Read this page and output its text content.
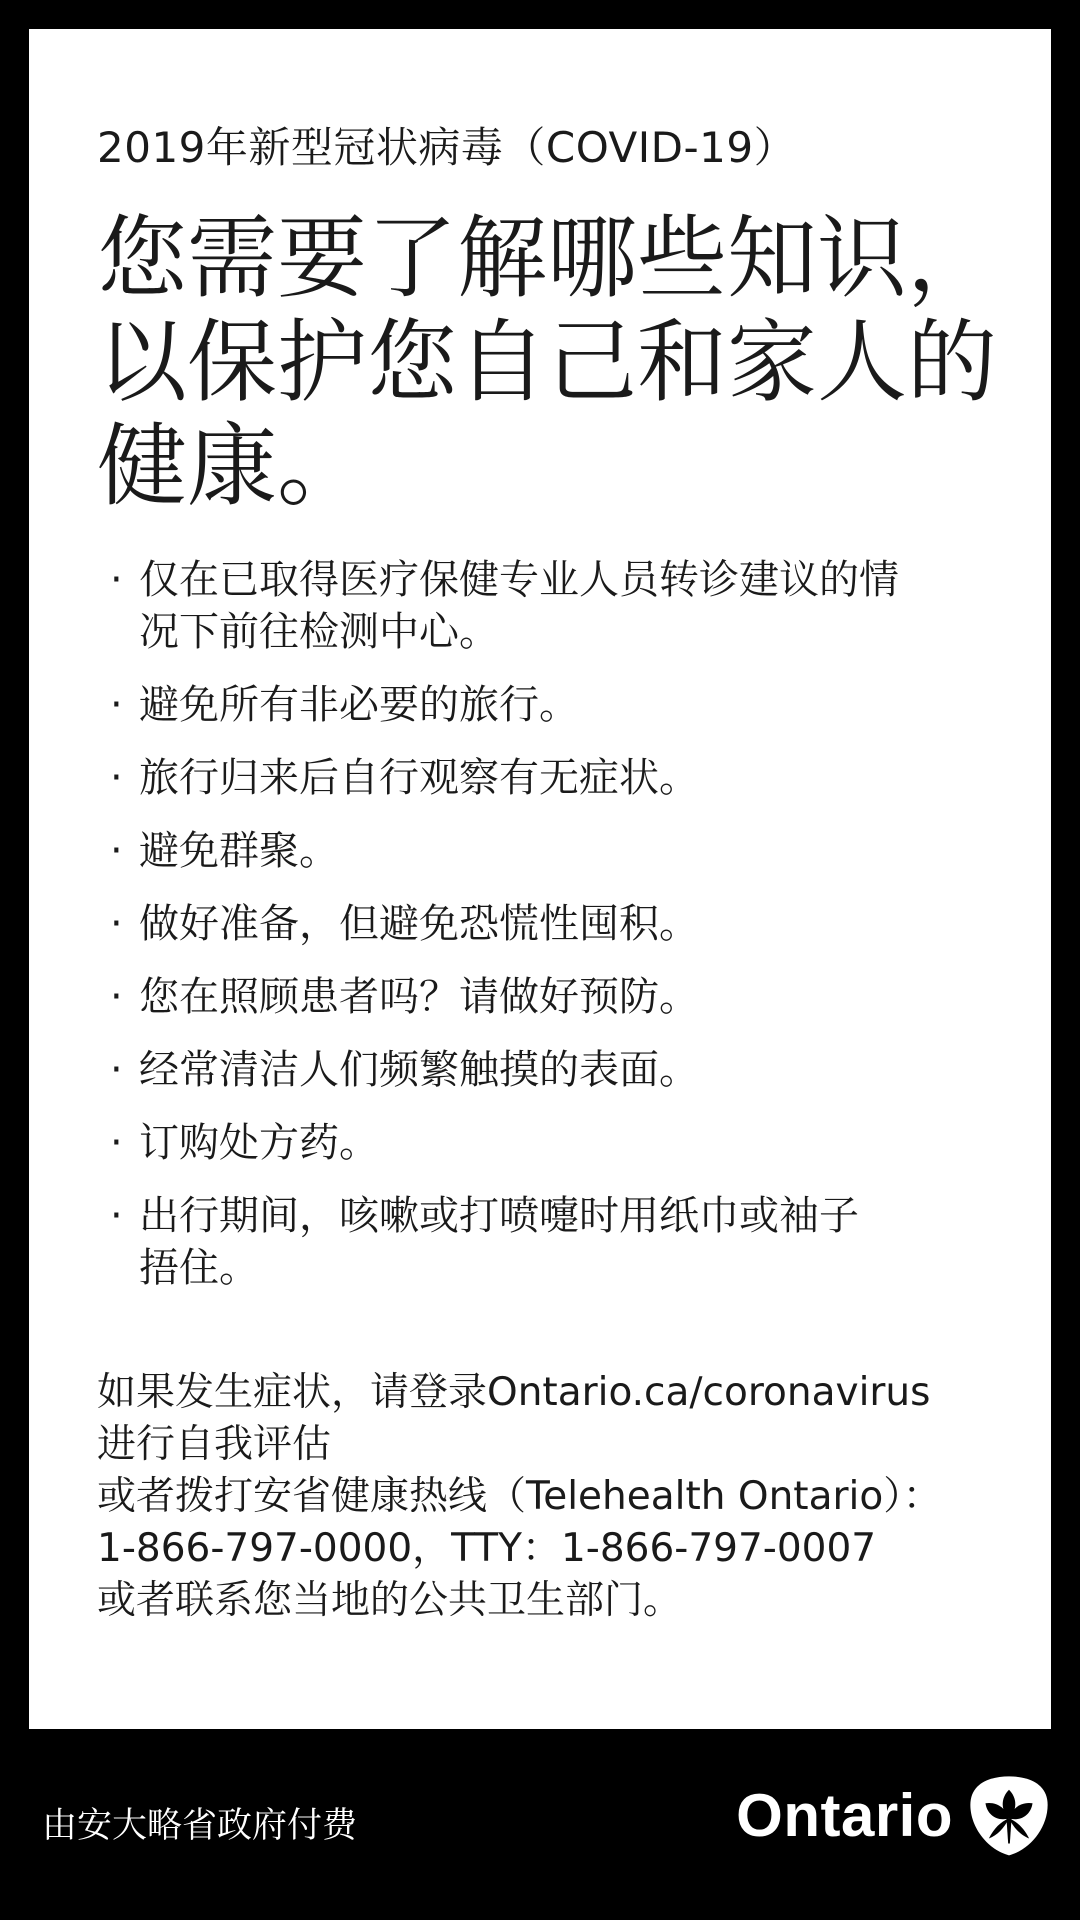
2019年新型冠状病毒（COVID-19）
您需要了解哪些知识，
以保护您自己和家人的
健康。
· 仅在已取得医疗保健专业人员转诊建议的情
况下前往检测中心。
· 避免所有非必要的旅行。
· 旅行归来后自行观察有无症状。
· 避免群聚。
· 做好准备，但避免恐慌性囤积。
· 您在照顾患者吗？请做好预防。
· 经常清洁人们频繁触摸的表面。
· 订购处方药。
· 出行期间，咳嗽或打喷嚏时用纸巾或袖子
捂住。
如果发生症状，请登录Ontario.ca/coronavirus
进行自我评估
或者拨打安省健康热线（Telehealth Ontario）：
1-866-797-0000，TTY：1-866-797-0007
或者联系您当地的公共卫生部门。
由安大略省政府付费	Ontario
